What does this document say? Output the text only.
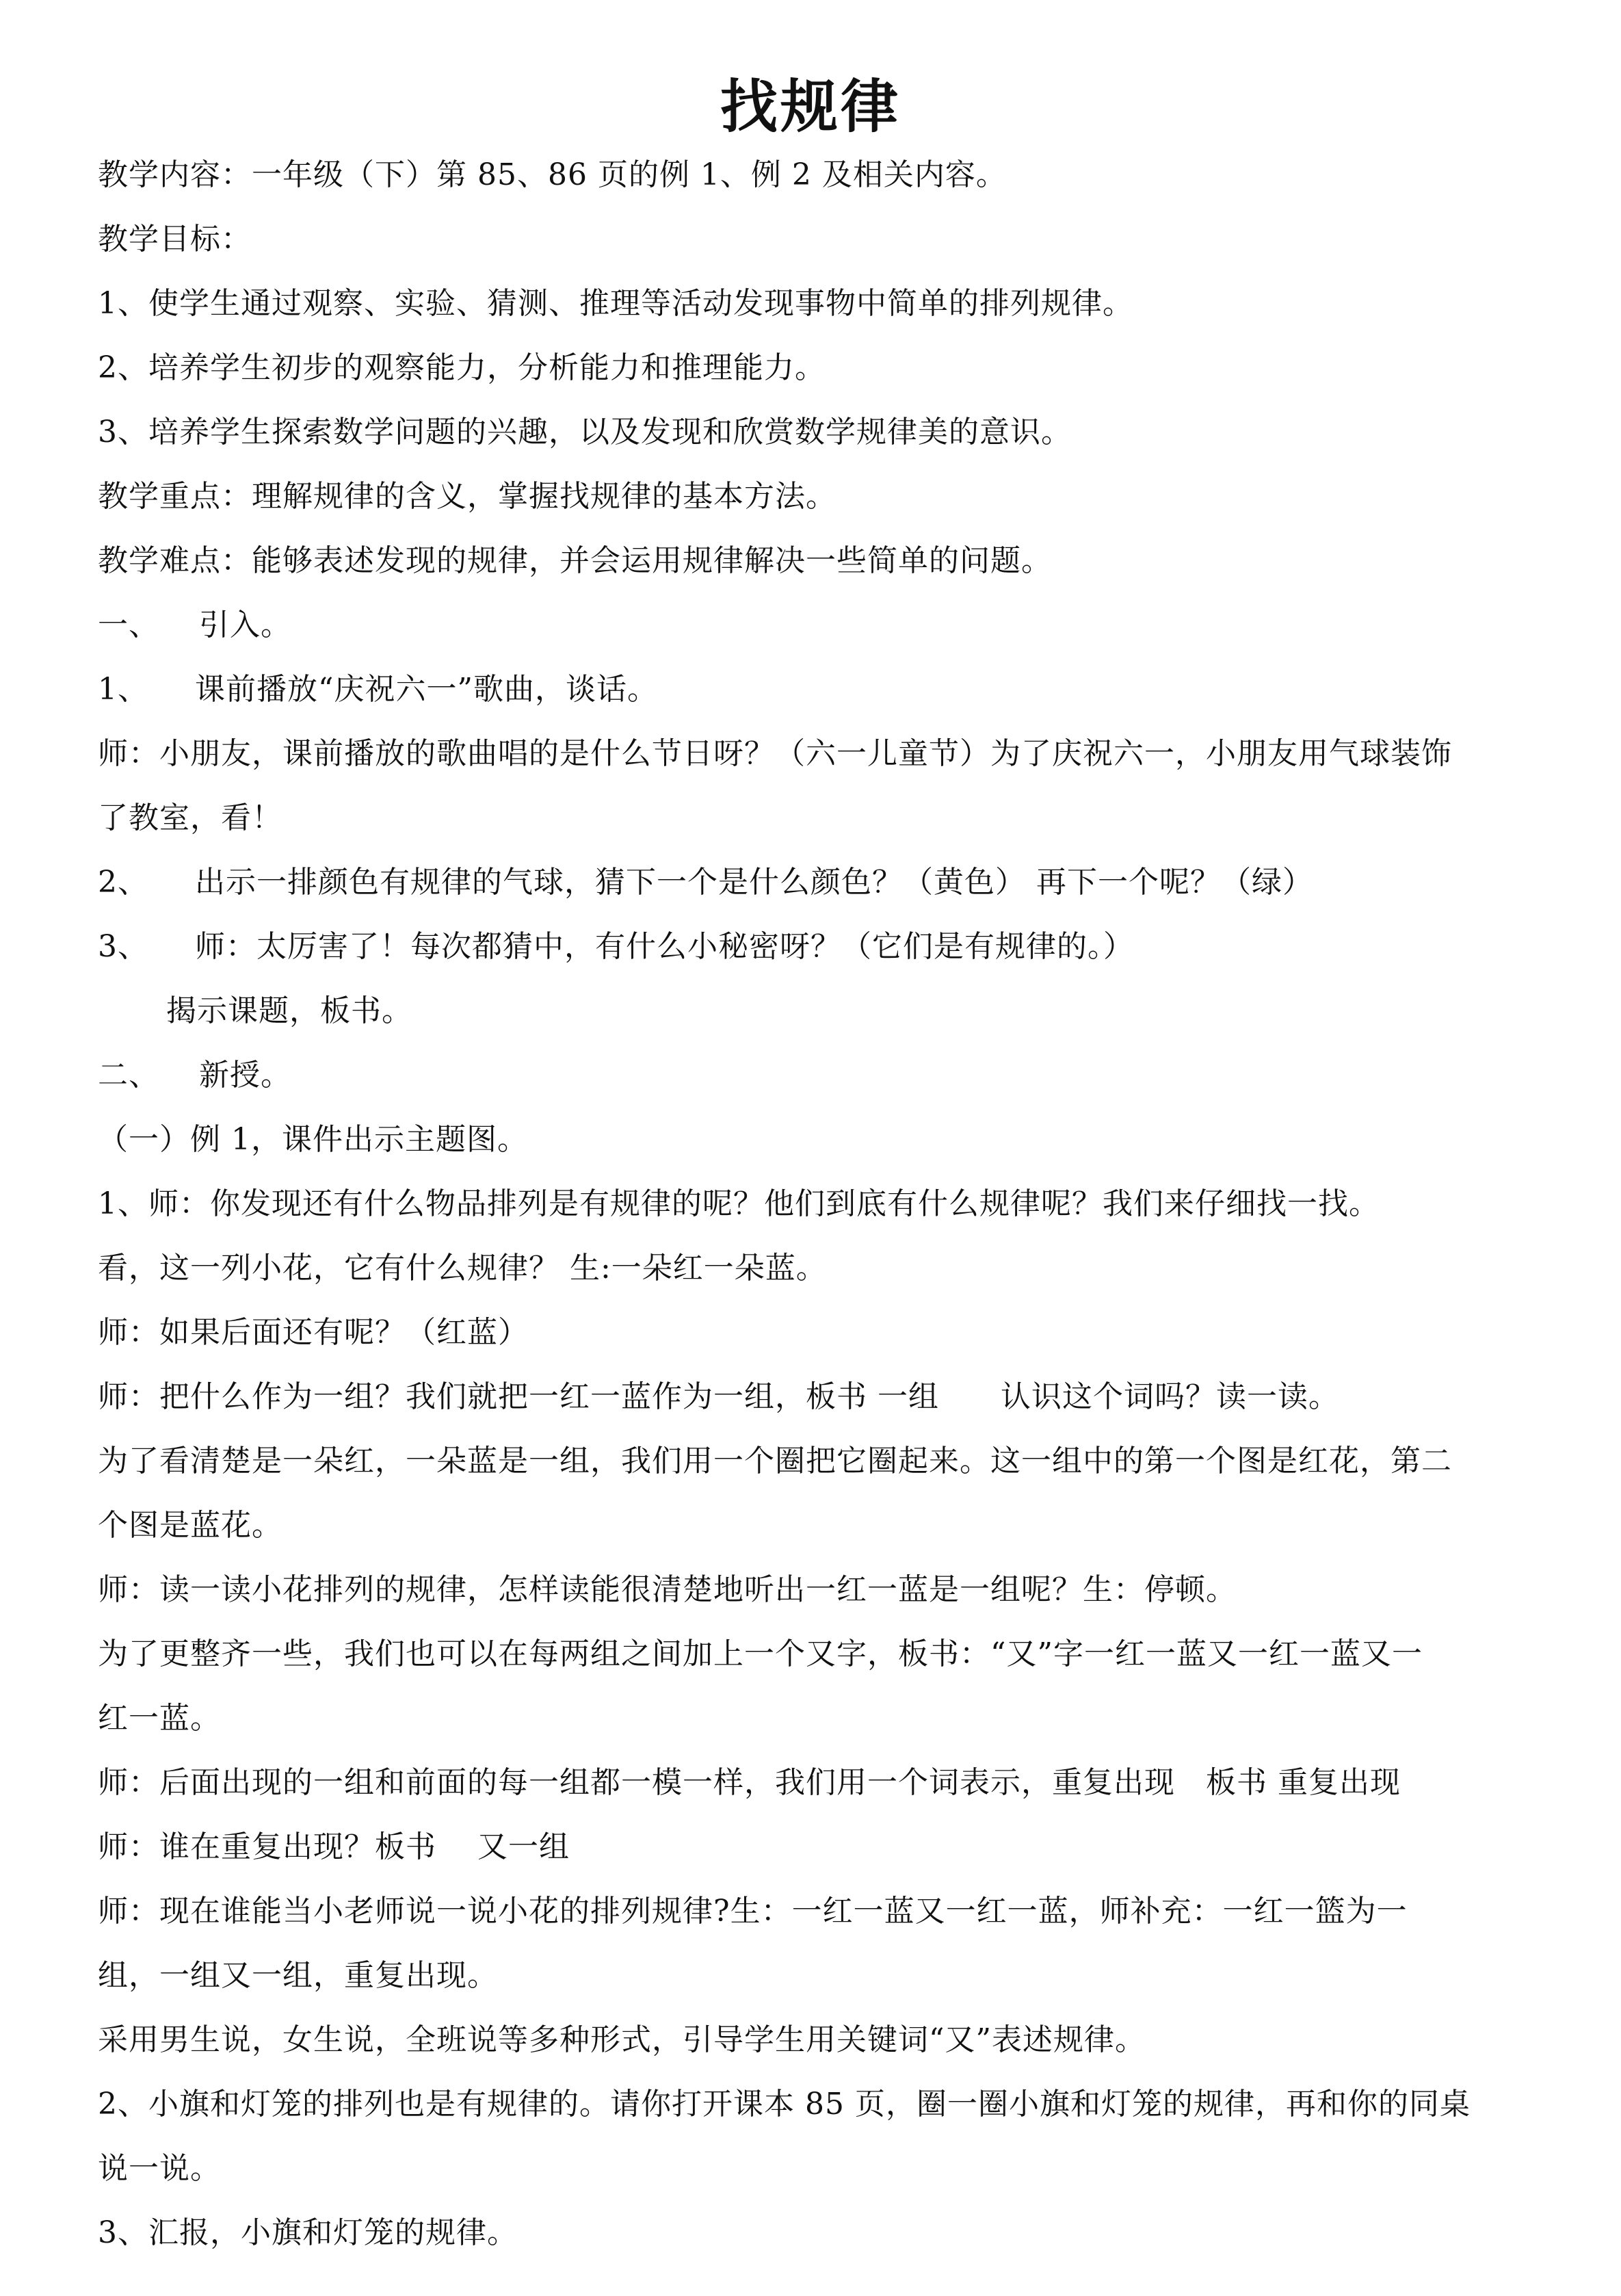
找规律
教学内容：一年级（下）第 85、86 页的例 1、例 2 及相关内容。
教学目标：
1、使学生通过观察、实验、猜测、推理等活动发现事物中简单的排列规律。
2、培养学生初步的观察能力，分析能力和推理能力。
3、培养学生探索数学问题的兴趣，以及发现和欣赏数学规律美的意识。
教学重点：理解规律的含义，掌握找规律的基本方法。
教学难点：能够表述发现的规律，并会运用规律解决一些简单的问题。
一、 引入。
1、 课前播放“庆祝六一”歌曲，谈话。
师：小朋友，课前播放的歌曲唱的是什么节日呀？（六一儿童节）为了庆祝六一，小朋友用气球装饰
了教室，看！
2、 出示一排颜色有规律的气球，猜下一个是什么颜色？（黄色） 再下一个呢？（绿）
3、 师：太厉害了！每次都猜中，有什么小秘密呀？（它们是有规律的。）
揭示课题，板书。
二、 新授。
（一）例 1，课件出示主题图。
1、师：你发现还有什么物品排列是有规律的呢？他们到底有什么规律呢？我们来仔细找一找。
看，这一列小花，它有什么规律？ 生:一朵红一朵蓝。
师：如果后面还有呢？（红蓝）
师：把什么作为一组？我们就把一红一蓝作为一组，板书 一组　　认识这个词吗？读一读。
为了看清楚是一朵红，一朵蓝是一组，我们用一个圈把它圈起来。这一组中的第一个图是红花，第二
个图是蓝花。
师：读一读小花排列的规律，怎样读能很清楚地听出一红一蓝是一组呢？生：停顿。
为了更整齐一些，我们也可以在每两组之间加上一个又字，板书：“又”字一红一蓝又一红一蓝又一
红一蓝。
师：后面出现的一组和前面的每一组都一模一样，我们用一个词表示，重复出现　板书 重复出现
师：谁在重复出现？板书　 又一组
师：现在谁能当小老师说一说小花的排列规律?生：一红一蓝又一红一蓝，师补充：一红一篮为一
组，一组又一组，重复出现。
采用男生说，女生说，全班说等多种形式，引导学生用关键词“又”表述规律。
2、小旗和灯笼的排列也是有规律的。请你打开课本 85 页，圈一圈小旗和灯笼的规律，再和你的同桌
说一说。
3、汇报，小旗和灯笼的规律。
